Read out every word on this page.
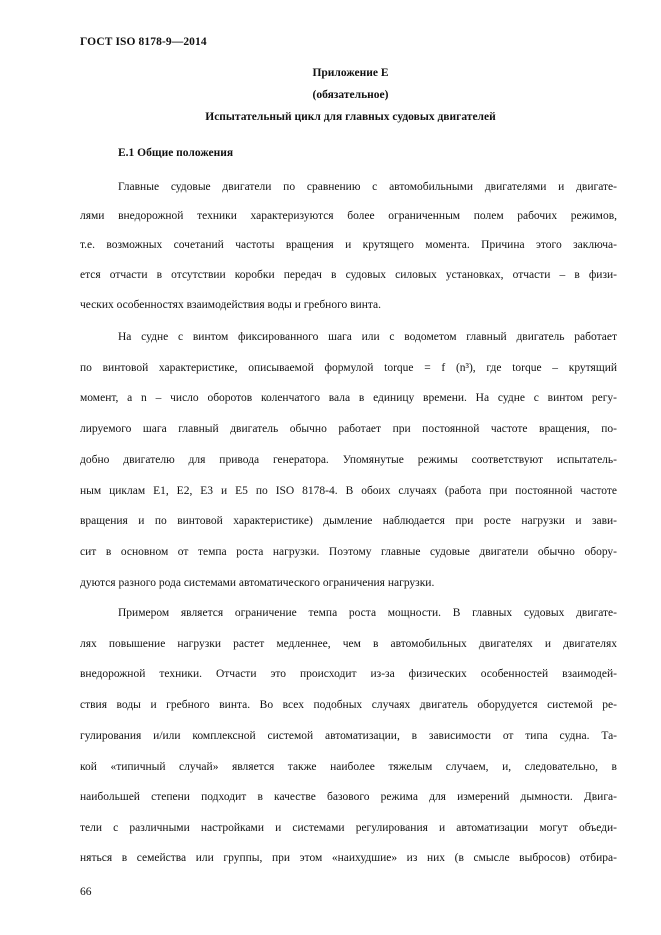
ГОСТ ISO 8178-9—2014
Приложение Е
(обязательное)
Испытательный цикл для главных судовых двигателей
Е.1 Общие положения
Главные судовые двигатели по сравнению с автомобильными двигателями и двигате-
лями внедорожной техники характеризуются более ограниченным полем рабочих режимов,
т.е. возможных сочетаний частоты вращения и крутящего момента. Причина этого заключа-
ется отчасти в отсутствии коробки передач в судовых силовых установках, отчасти – в физи-
ческих особенностях взаимодействия воды и гребного винта.
На судне с винтом фиксированного шага или с водометом главный двигатель работает
по винтовой характеристике, описываемой формулой torque = f (n³), где torque – крутящий
момент, а n – число оборотов коленчатого вала в единицу времени. На судне с винтом регу-
лируемого шага главный двигатель обычно работает при постоянной частоте вращения, по-
добно двигателю для привода генератора. Упомянутые режимы соответствуют испытатель-
ным циклам E1, E2, E3 и E5 по ISO 8178-4. В обоих случаях (работа при постоянной частоте
вращения и по винтовой характеристике) дымление наблюдается при росте нагрузки и зави-
сит в основном от темпа роста нагрузки. Поэтому главные судовые двигатели обычно обору-
дуются разного рода системами автоматического ограничения нагрузки.
Примером является ограничение темпа роста мощности. В главных судовых двигате-
лях повышение нагрузки растет медленнее, чем в автомобильных двигателях и двигателях
внедорожной техники. Отчасти это происходит из-за физических особенностей взаимодей-
ствия воды и гребного винта. Во всех подобных случаях двигатель оборудуется системой ре-
гулирования и/или комплексной системой автоматизации, в зависимости от типа судна. Та-
кой «типичный случай» является также наиболее тяжелым случаем, и, следовательно, в
наибольшей степени подходит в качестве базового режима для измерений дымности. Двига-
тели с различными настройками и системами регулирования и автоматизации могут объеди-
няться в семейства или группы, при этом «наихудшие» из них (в смысле выбросов) отбира-
66
